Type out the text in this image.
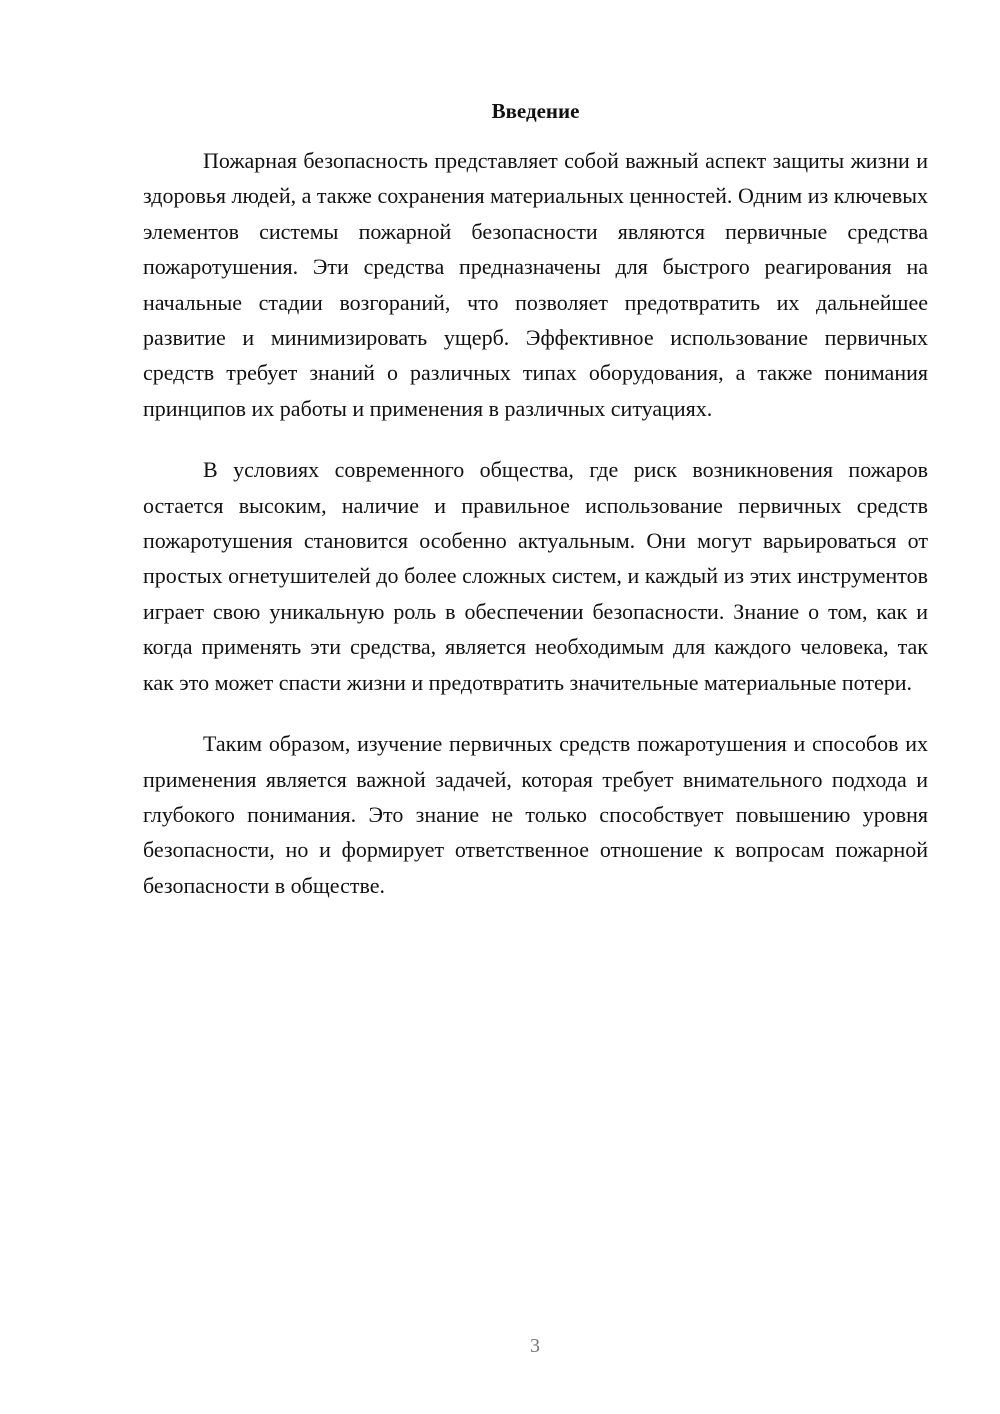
Введение

Пожарная безопасность представляет собой важный аспект защиты жизни и здоровья людей, а также сохранения материальных ценностей. Одним из ключевых элементов системы пожарной безопасности являются первичные средства пожаротушения. Эти средства предназначены для быстрого реагирования на начальные стадии возгораний, что позволяет предотвратить их дальнейшее развитие и минимизировать ущерб. Эффективное использование первичных средств требует знаний о различных типах оборудования, а также понимания принципов их работы и применения в различных ситуациях.

В условиях современного общества, где риск возникновения пожаров остается высоким, наличие и правильное использование первичных средств пожаротушения становится особенно актуальным. Они могут варьироваться от простых огнетушителей до более сложных систем, и каждый из этих инструментов играет свою уникальную роль в обеспечении безопасности. Знание о том, как и когда применять эти средства, является необходимым для каждого человека, так как это может спасти жизни и предотвратить значительные материальные потери.

Таким образом, изучение первичных средств пожаротушения и способов их применения является важной задачей, которая требует внимательного подхода и глубокого понимания. Это знание не только способствует повышению уровня безопасности, но и формирует ответственное отношение к вопросам пожарной безопасности в обществе.

3
